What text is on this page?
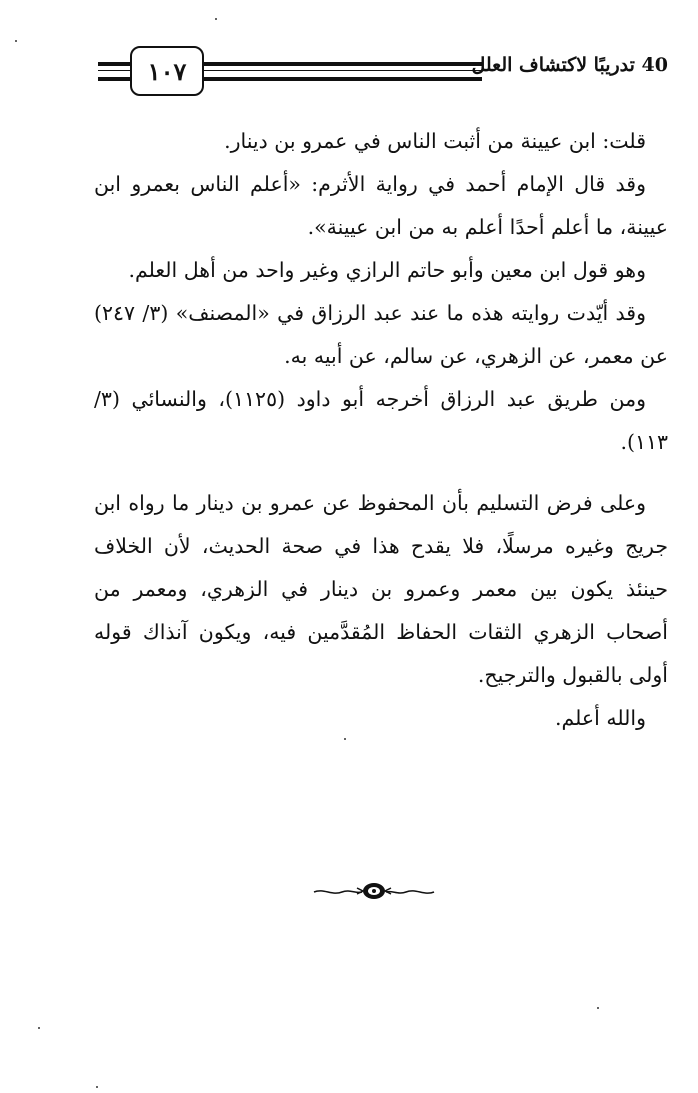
١٠٧	40 تدريبًا لاكتشاف العلل

قلت: ابن عيينة من أثبت الناس في عمرو بن دينار.

وقد قال الإمام أحمد في رواية الأثرم: «أعلم الناس بعمرو ابن عيينة، ما أعلم أحدًا أعلم به من ابن عيينة».

وهو قول ابن معين وأبو حاتم الرازي وغير واحد من أهل العلم.

وقد أيّدت روايته هذه ما عند عبد الرزاق في «المصنف» (٣/ ٢٤٧) عن معمر، عن الزهري، عن سالم، عن أبيه به.

ومن طريق عبد الرزاق أخرجه أبو داود (١١٢٥)، والنسائي (٣/ ١١٣).

وعلى فرض التسليم بأن المحفوظ عن عمرو بن دينار ما رواه ابن جريج وغيره مرسلًا، فلا يقدح هذا في صحة الحديث، لأن الخلاف حينئذ يكون بين معمر وعمرو بن دينار في الزهري، ومعمر من أصحاب الزهري الثقات الحفاظ المُقدَّمين فيه، ويكون آنذاك قوله أولى بالقبول والترجيح.

والله أعلم.
